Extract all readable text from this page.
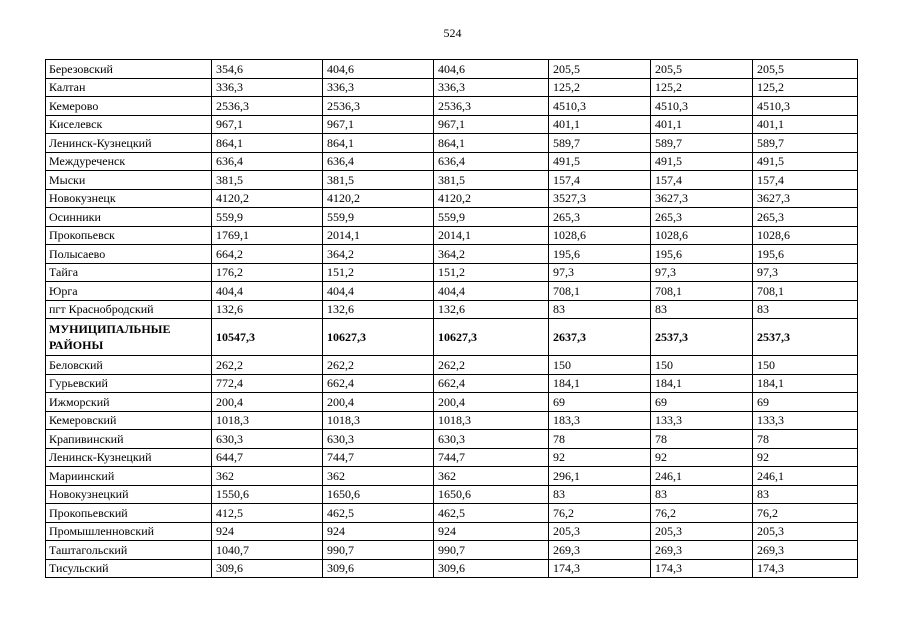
524
Березовский	354,6	404,6	404,6	205,5	205,5	205,5
Калтан	336,3	336,3	336,3	125,2	125,2	125,2
Кемерово	2536,3	2536,3	2536,3	4510,3	4510,3	4510,3
Киселевск	967,1	967,1	967,1	401,1	401,1	401,1
Ленинск-Кузнецкий	864,1	864,1	864,1	589,7	589,7	589,7
Междуреченск	636,4	636,4	636,4	491,5	491,5	491,5
Мыски	381,5	381,5	381,5	157,4	157,4	157,4
Новокузнецк	4120,2	4120,2	4120,2	3527,3	3627,3	3627,3
Осинники	559,9	559,9	559,9	265,3	265,3	265,3
Прокопьевск	1769,1	2014,1	2014,1	1028,6	1028,6	1028,6
Полысаево	664,2	364,2	364,2	195,6	195,6	195,6
Тайга	176,2	151,2	151,2	97,3	97,3	97,3
Юрга	404,4	404,4	404,4	708,1	708,1	708,1
пгт Краснобродский	132,6	132,6	132,6	83	83	83
МУНИЦИПАЛЬНЫЕ РАЙОНЫ	10547,3	10627,3	10627,3	2637,3	2537,3	2537,3
Беловский	262,2	262,2	262,2	150	150	150
Гурьевский	772,4	662,4	662,4	184,1	184,1	184,1
Ижморский	200,4	200,4	200,4	69	69	69
Кемеровский	1018,3	1018,3	1018,3	183,3	133,3	133,3
Крапивинский	630,3	630,3	630,3	78	78	78
Ленинск-Кузнецкий	644,7	744,7	744,7	92	92	92
Мариинский	362	362	362	296,1	246,1	246,1
Новокузнецкий	1550,6	1650,6	1650,6	83	83	83
Прокопьевский	412,5	462,5	462,5	76,2	76,2	76,2
Промышленновский	924	924	924	205,3	205,3	205,3
Таштагольский	1040,7	990,7	990,7	269,3	269,3	269,3
Тисульский	309,6	309,6	309,6	174,3	174,3	174,3
